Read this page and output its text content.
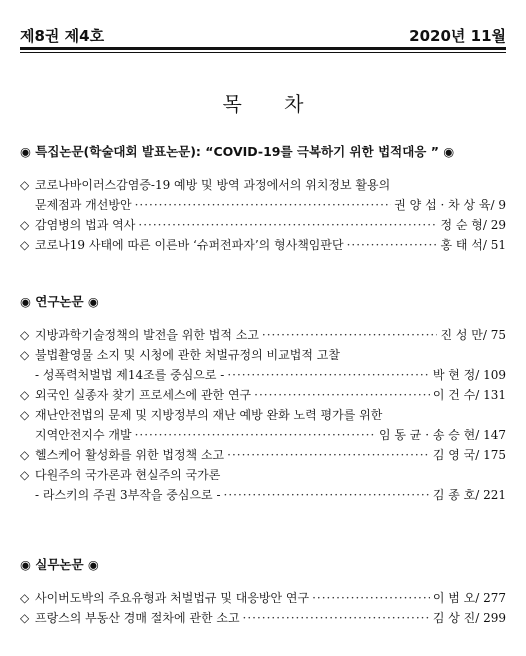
제8권 제4호	2020년 11월
목 차
◉ 특집논문(학술대회 발표논문): “COVID-19를 극복하기 위한 법적대응 ” ◉
◇ 코로나바이러스감염증-19 예방 및 방역 과정에서의 위치정보 활용의
문제점과 개선방안 ·····	권 양 섭 · 차 상 육/ 9
◇ 감염병의 법과 역사 ·····	정 순 형/ 29
◇ 코로나19 사태에 따른 이른바 ‘슈퍼전파자’의 형사책임판단 ·····	홍 태 석/ 51
◉ 연구논문 ◉
◇ 지방과학기술정책의 발전을 위한 법적 소고 ·····	진 성 만/ 75
◇ 불법촬영물 소지 및 시청에 관한 처벌규정의 비교법적 고찰
- 성폭력처벌법 제14조를 중심으로 - ·····	박 현 정/ 109
◇ 외국인 실종자 찾기 프로세스에 관한 연구 ·····	이 건 수/ 131
◇ 재난안전법의 문제 및 지방정부의 재난 예방 완화 노력 평가를 위한
지역안전지수 개발 ·····	임 동 균 · 송 승 현/ 147
◇ 헬스케어 활성화를 위한 법정책 소고 ·····	김 영 국/ 175
◇ 다원주의 국가론과 현실주의 국가론
- 라스키의 주권 3부작을 중심으로 - ·····	김 종 호/ 221
◉ 실무논문 ◉
◇ 사이버도박의 주요유형과 처벌법규 및 대응방안 연구 ·····	이 범 오/ 277
◇ 프랑스의 부동산 경매 절차에 관한 소고 ·····	김 상 진/ 299
